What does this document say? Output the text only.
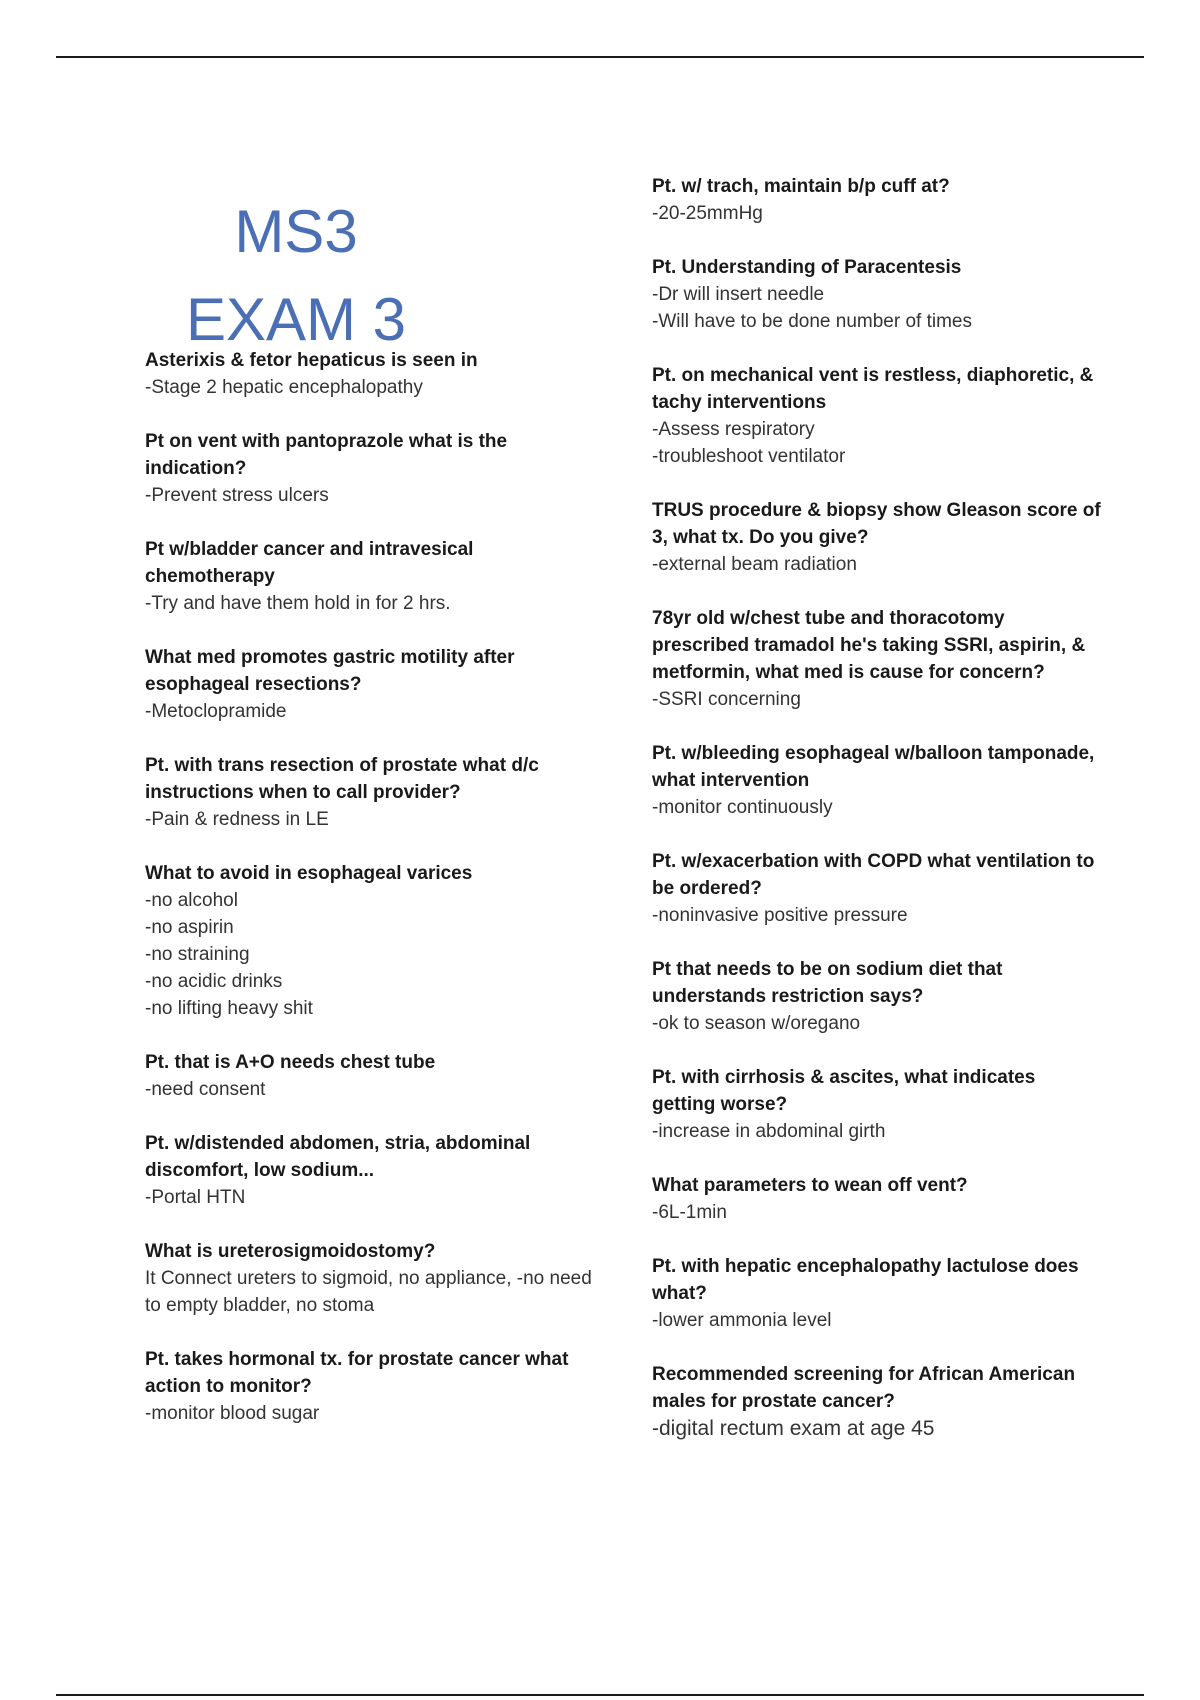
MS3
EXAM 3
Asterixis & fetor hepaticus is seen in
-Stage 2 hepatic encephalopathy
Pt on vent with pantoprazole what is the indication?
-Prevent stress ulcers
Pt w/bladder cancer and intravesical chemotherapy
-Try and have them hold in for 2 hrs.
What med promotes gastric motility after esophageal resections?
-Metoclopramide
Pt. with trans resection of prostate what d/c instructions when to call provider?
-Pain & redness in LE
What to avoid in esophageal varices
-no alcohol
-no aspirin
-no straining
-no acidic drinks
-no lifting heavy shit
Pt. that is A+O needs chest tube
-need consent
Pt. w/distended abdomen, stria, abdominal discomfort, low sodium...
-Portal HTN
What is ureterosigmoidostomy?
It Connect ureters to sigmoid, no appliance, -no need to empty bladder, no stoma
Pt. takes hormonal tx. for prostate cancer what action to monitor?
-monitor blood sugar
Pt. w/ trach, maintain b/p cuff at?
-20-25mmHg
Pt. Understanding of Paracentesis
-Dr will insert needle
-Will have to be done number of times
Pt. on mechanical vent is restless, diaphoretic, & tachy interventions
-Assess respiratory
-troubleshoot ventilator
TRUS procedure & biopsy show Gleason score of 3, what tx. Do you give?
-external beam radiation
78yr old w/chest tube and thoracotomy prescribed tramadol he's taking SSRI, aspirin, & metformin, what med is cause for concern?
-SSRI concerning
Pt. w/bleeding esophageal w/balloon tamponade, what intervention
-monitor continuously
Pt. w/exacerbation with COPD what ventilation to be ordered?
-noninvasive positive pressure
Pt that needs to be on sodium diet that understands restriction says?
-ok to season w/oregano
Pt. with cirrhosis & ascites, what indicates getting worse?
-increase in abdominal girth
What parameters to wean off vent?
-6L-1min
Pt. with hepatic encephalopathy lactulose does what?
-lower ammonia level
Recommended screening for African American males for prostate cancer?
-digital rectum exam at age 45
